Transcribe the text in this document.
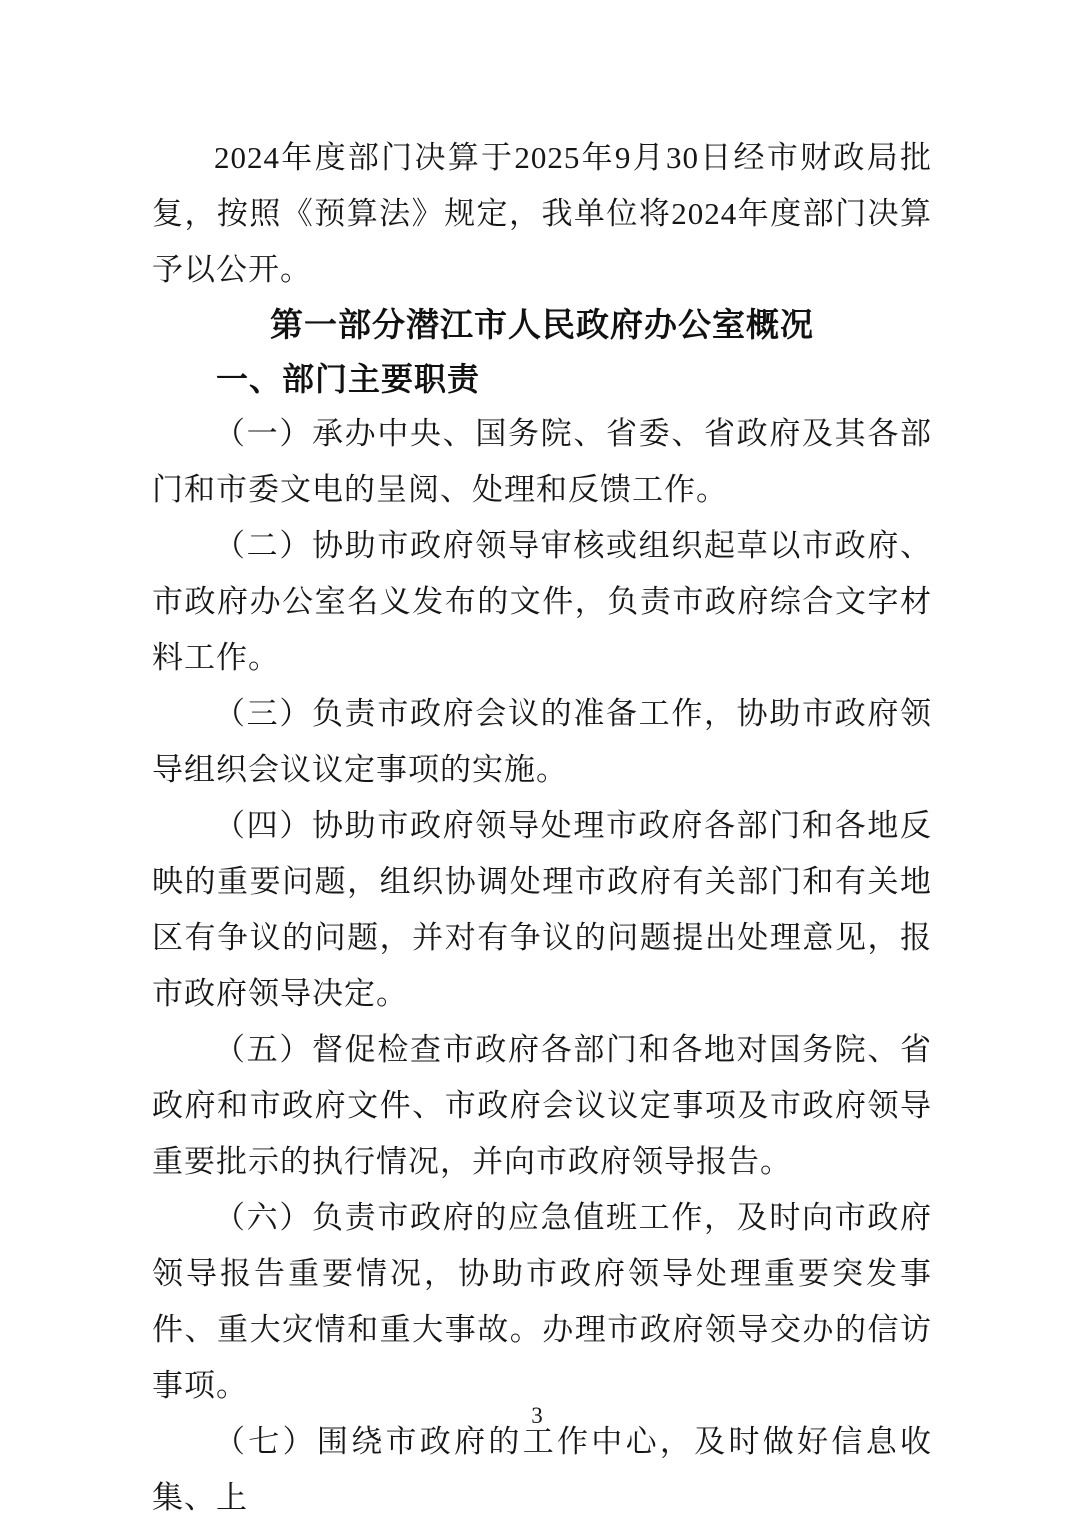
2024年度部门决算于2025年9月30日经市财政局批复，按照《预算法》规定，我单位将2024年度部门决算予以公开。

第一部分潜江市人民政府办公室概况
一、部门主要职责

（一）承办中央、国务院、省委、省政府及其各部门和市委文电的呈阅、处理和反馈工作。

（二）协助市政府领导审核或组织起草以市政府、市政府办公室名义发布的文件，负责市政府综合文字材料工作。

（三）负责市政府会议的准备工作，协助市政府领导组织会议议定事项的实施。

（四）协助市政府领导处理市政府各部门和各地反映的重要问题，组织协调处理市政府有关部门和有关地区有争议的问题，并对有争议的问题提出处理意见，报市政府领导决定。

（五）督促检查市政府各部门和各地对国务院、省政府和市政府文件、市政府会议议定事项及市政府领导重要批示的执行情况，并向市政府领导报告。

（六）负责市政府的应急值班工作，及时向市政府领导报告重要情况，协助市政府领导处理重要突发事件、重大灾情和重大事故。办理市政府领导交办的信访事项。

（七）围绕市政府的工作中心，及时做好信息收集、上

3
